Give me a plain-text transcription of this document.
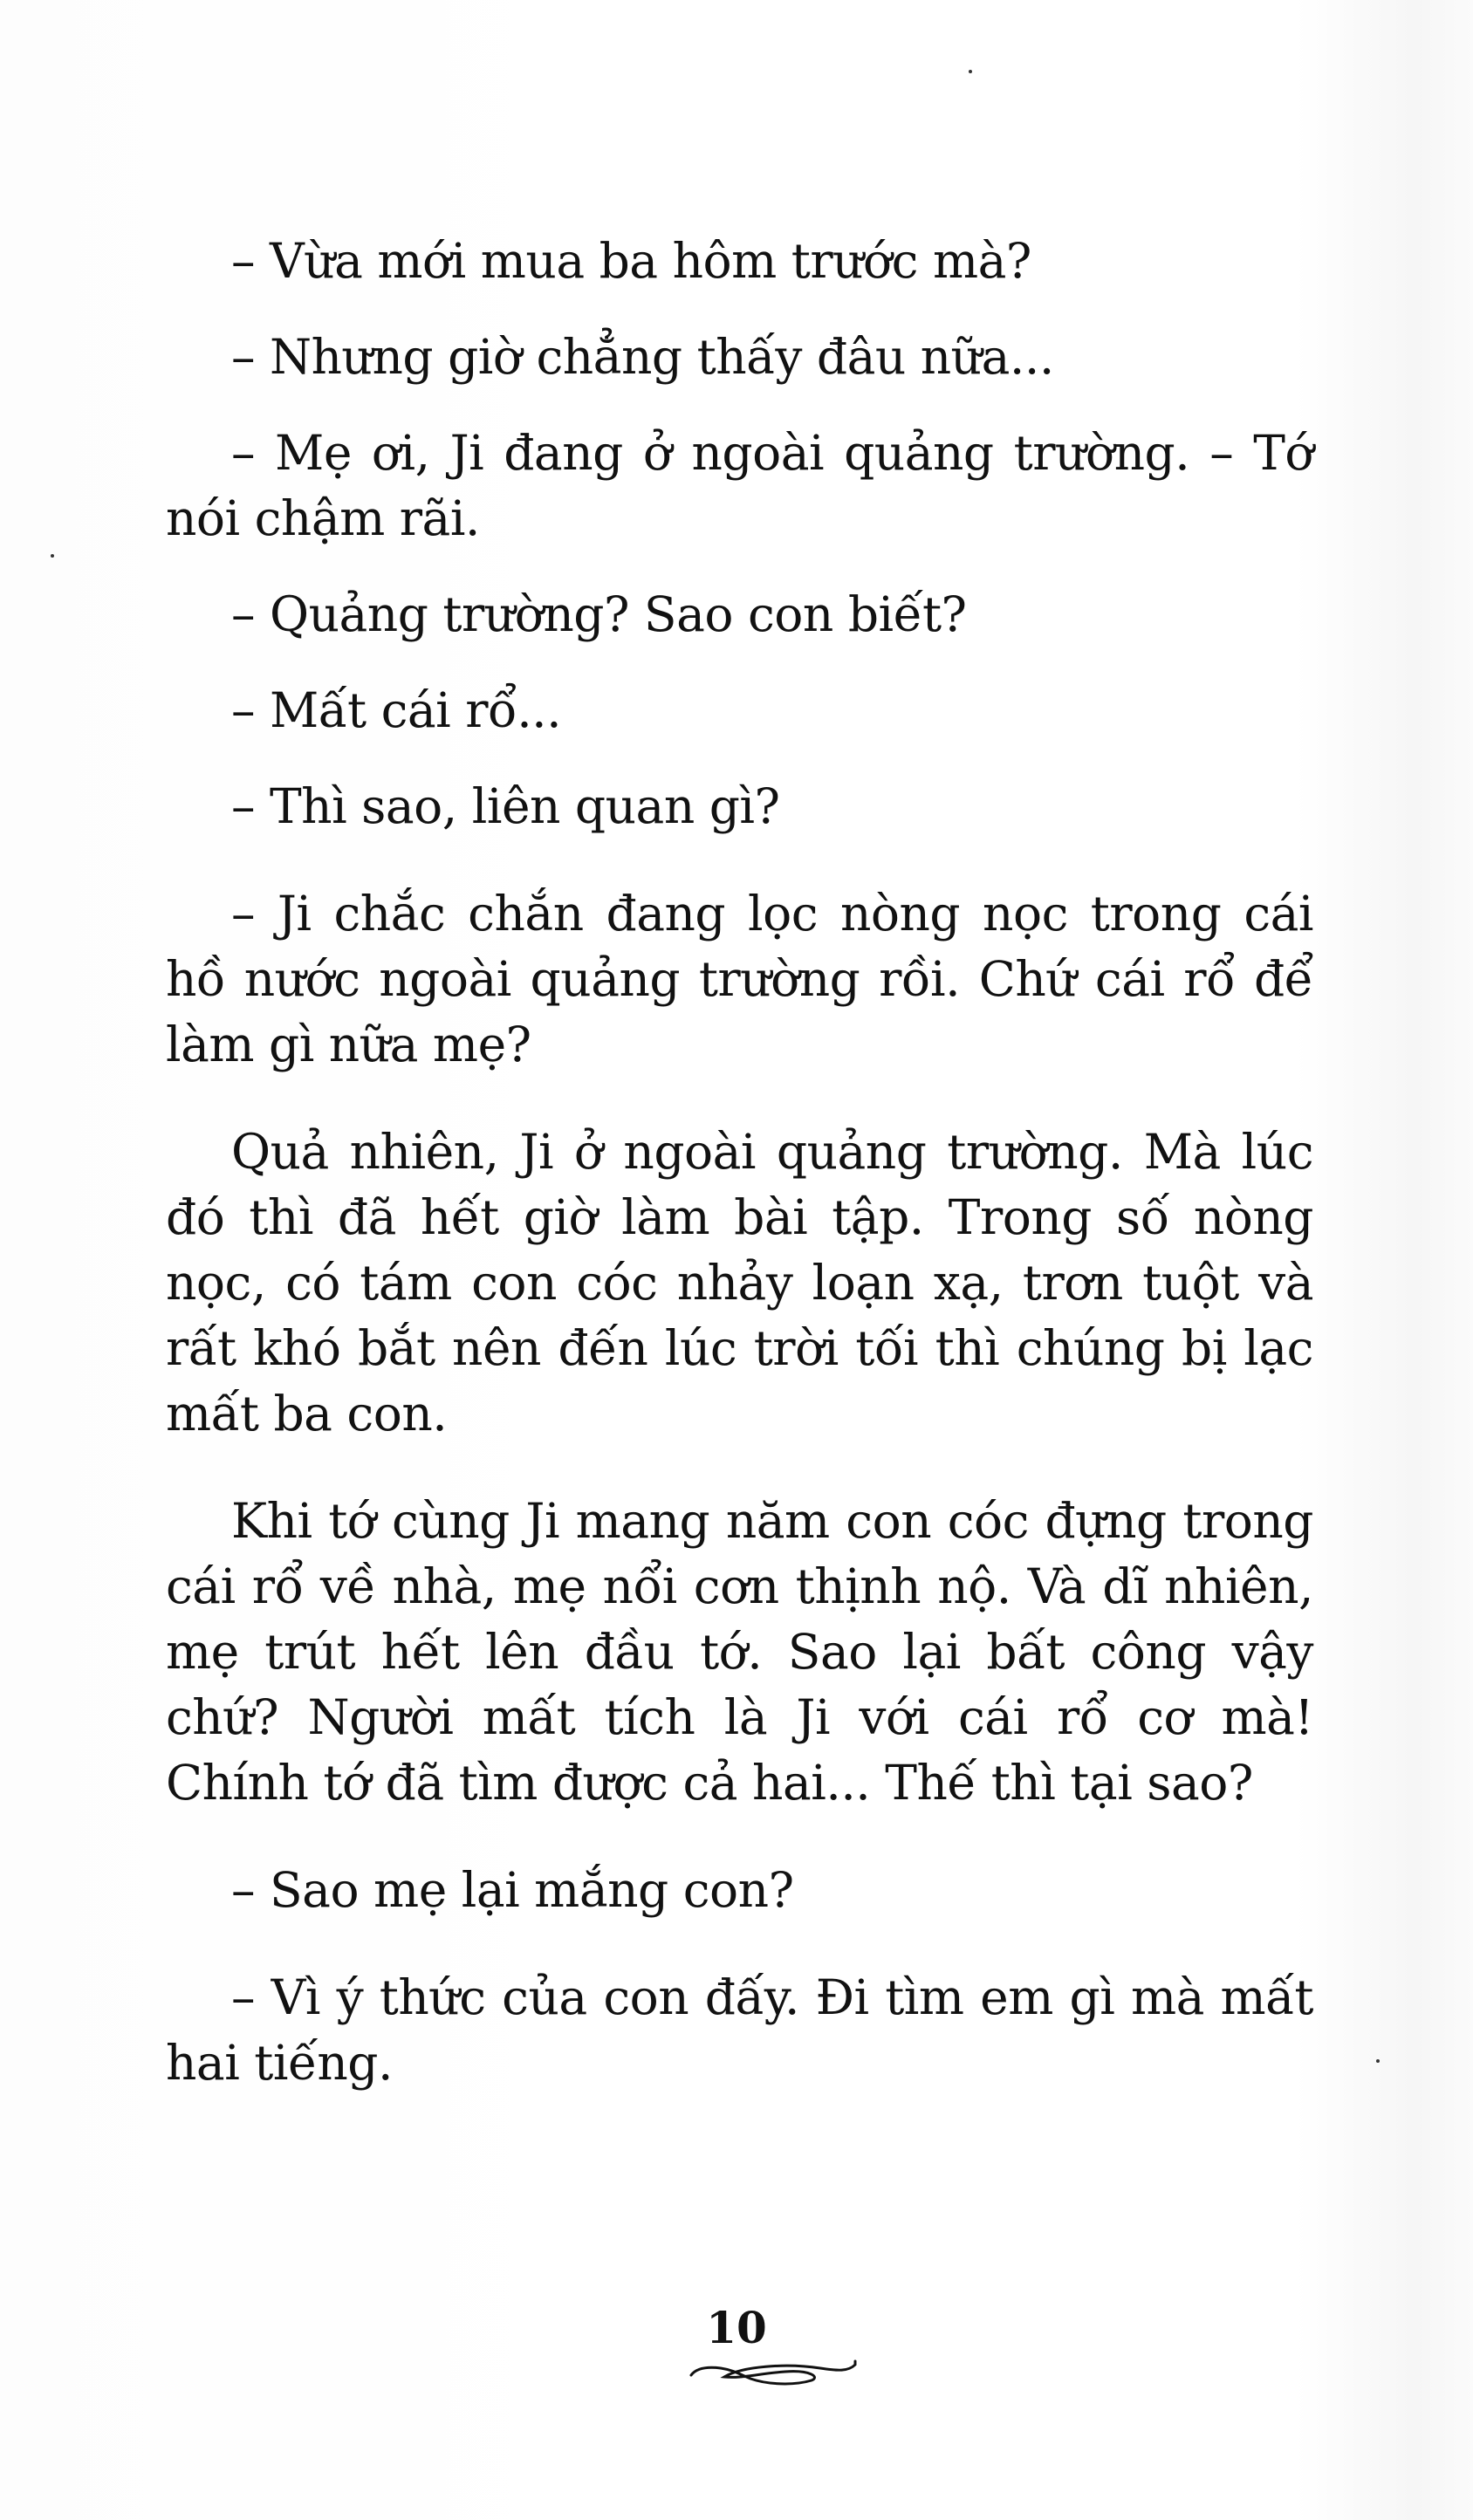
– Vừa mới mua ba hôm trước mà?

– Nhưng giờ chẳng thấy đâu nữa...

– Mẹ ơi, Ji đang ở ngoài quảng trường. – Tớ nói chậm rãi.

– Quảng trường? Sao con biết?

– Mất cái rổ...

– Thì sao, liên quan gì?

– Ji chắc chắn đang lọc nòng nọc trong cái hồ nước ngoài quảng trường rồi. Chứ cái rổ để làm gì nữa mẹ?

Quả nhiên, Ji ở ngoài quảng trường. Mà lúc đó thì đã hết giờ làm bài tập. Trong số nòng nọc, có tám con cóc nhảy loạn xạ, trơn tuột và rất khó bắt nên đến lúc trời tối thì chúng bị lạc mất ba con.

Khi tớ cùng Ji mang năm con cóc đựng trong cái rổ về nhà, mẹ nổi cơn thịnh nộ. Và dĩ nhiên, mẹ trút hết lên đầu tớ. Sao lại bất công vậy chứ? Người mất tích là Ji với cái rổ cơ mà! Chính tớ đã tìm được cả hai... Thế thì tại sao?

– Sao mẹ lại mắng con?

– Vì ý thức của con đấy. Đi tìm em gì mà mất hai tiếng.

10
